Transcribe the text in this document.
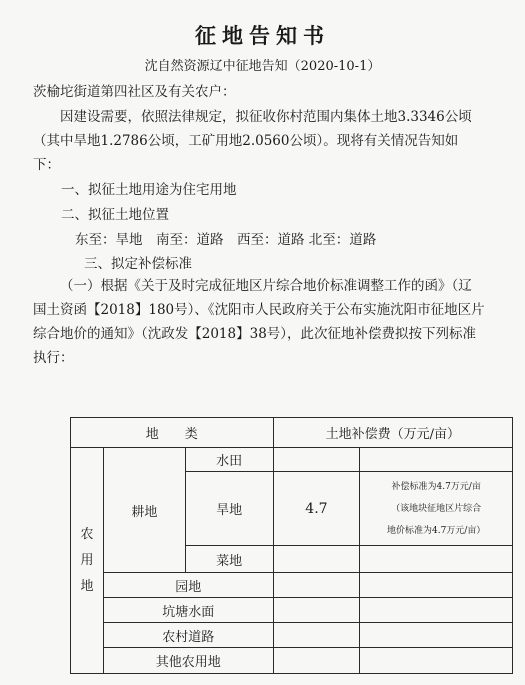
征地告知书
沈自然资源辽中征地告知（2020-10-1）
茨榆坨街道第四社区及有关农户：

因建设需要，依照法律规定，拟征收你村范围内集体土地3.3346公顷（其中旱地1.2786公顷，工矿用地2.0560公顷）。现将有关情况告知如下：

一、拟征土地用途为住宅用地
二、拟征土地位置
东至：旱地　南至：道路　西至：道路 北至：道路
三、拟定补偿标准

（一）根据《关于及时完成征地区片综合地价标准调整工作的函》（辽国土资函【2018】180号）、《沈阳市人民政府关于公布实施沈阳市征地区片综合地价的通知》（沈政发【2018】38号），此次征地补偿费拟按下列标准执行：

地　　类			土地补偿费（万元/亩）	
农
用
地	耕地	水田		
		旱地	4.7	补偿标准为4.7万元/亩
（该地块征地区片综合
地价标准为4.7万元/亩）
		菜地		
	园地			
	坑塘水面			
	农村道路			
	其他农用地			
